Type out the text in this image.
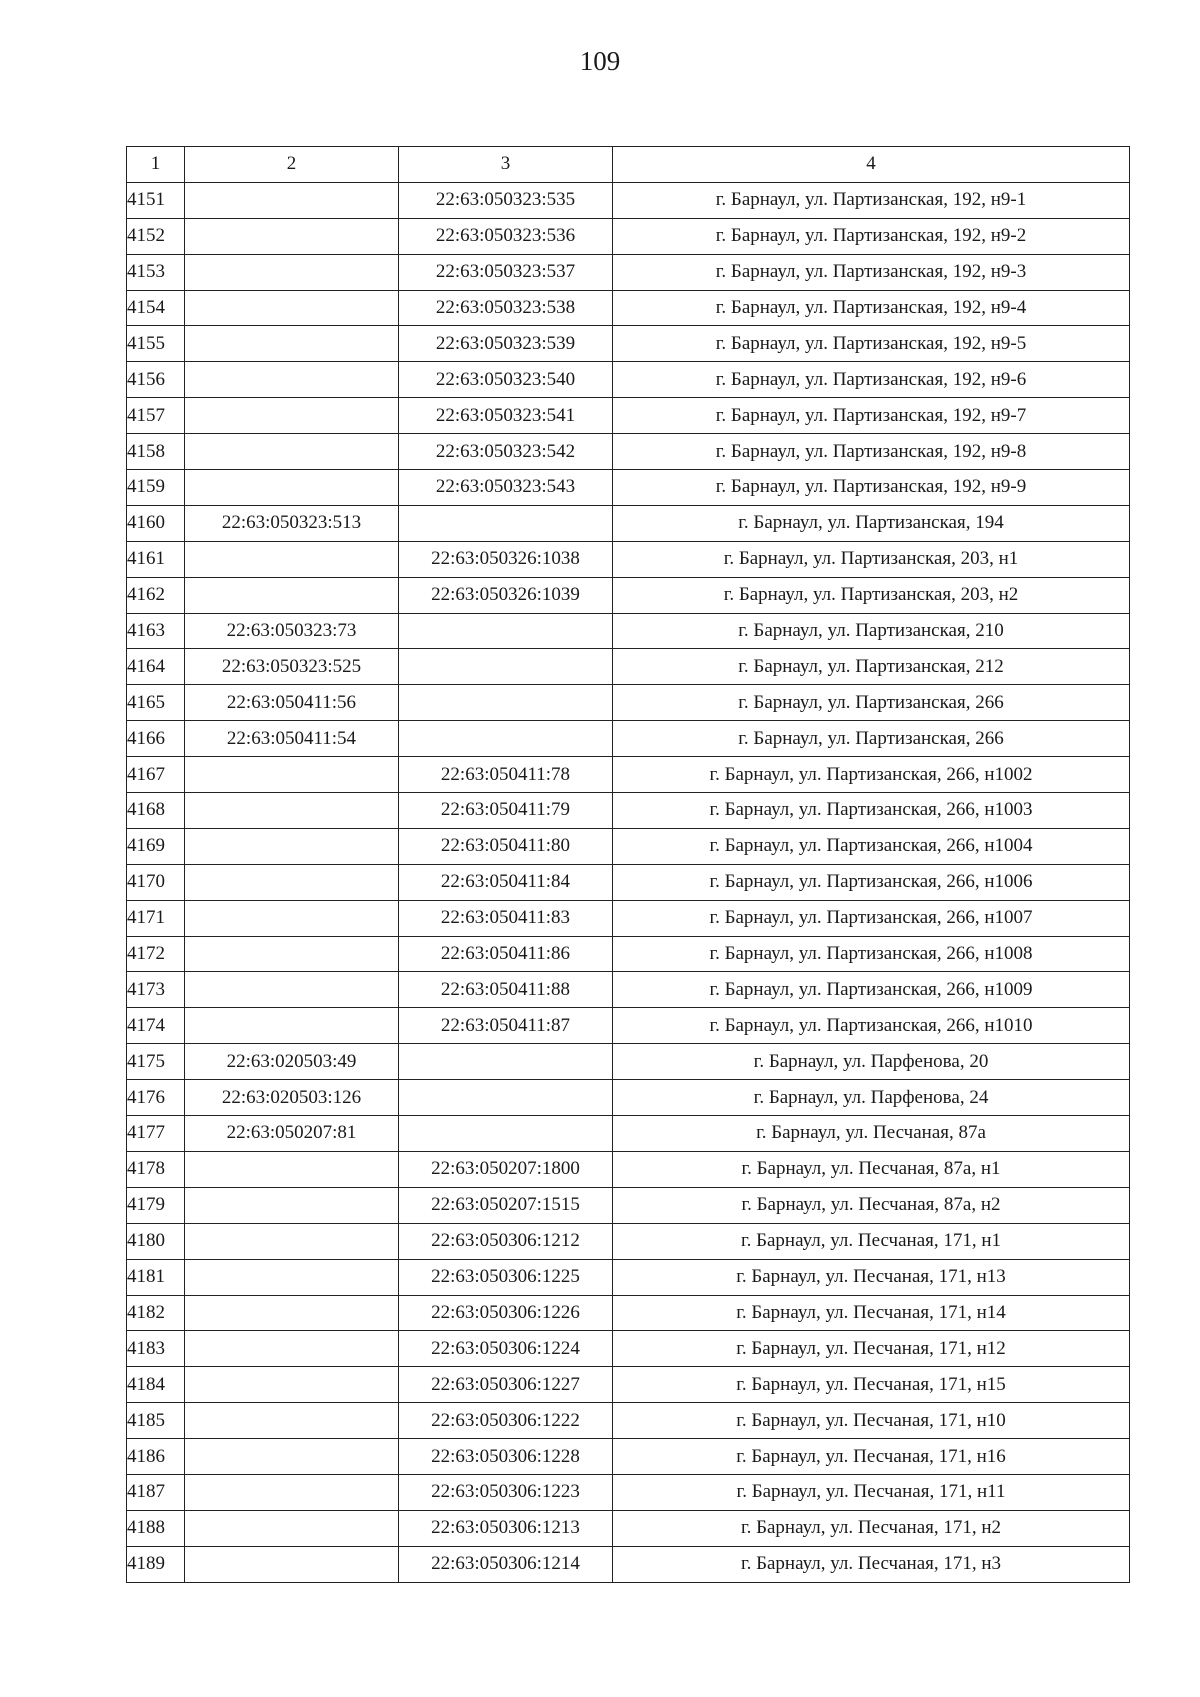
109
1	2	3	4
4151		22:63:050323:535	г. Барнаул, ул. Партизанская, 192, н9-1
4152		22:63:050323:536	г. Барнаул, ул. Партизанская, 192, н9-2
4153		22:63:050323:537	г. Барнаул, ул. Партизанская, 192, н9-3
4154		22:63:050323:538	г. Барнаул, ул. Партизанская, 192, н9-4
4155		22:63:050323:539	г. Барнаул, ул. Партизанская, 192, н9-5
4156		22:63:050323:540	г. Барнаул, ул. Партизанская, 192, н9-6
4157		22:63:050323:541	г. Барнаул, ул. Партизанская, 192, н9-7
4158		22:63:050323:542	г. Барнаул, ул. Партизанская, 192, н9-8
4159		22:63:050323:543	г. Барнаул, ул. Партизанская, 192, н9-9
4160	22:63:050323:513		г. Барнаул, ул. Партизанская, 194
4161		22:63:050326:1038	г. Барнаул, ул. Партизанская, 203, н1
4162		22:63:050326:1039	г. Барнаул, ул. Партизанская, 203, н2
4163	22:63:050323:73		г. Барнаул, ул. Партизанская, 210
4164	22:63:050323:525		г. Барнаул, ул. Партизанская, 212
4165	22:63:050411:56		г. Барнаул, ул. Партизанская, 266
4166	22:63:050411:54		г. Барнаул, ул. Партизанская, 266
4167		22:63:050411:78	г. Барнаул, ул. Партизанская, 266, н1002
4168		22:63:050411:79	г. Барнаул, ул. Партизанская, 266, н1003
4169		22:63:050411:80	г. Барнаул, ул. Партизанская, 266, н1004
4170		22:63:050411:84	г. Барнаул, ул. Партизанская, 266, н1006
4171		22:63:050411:83	г. Барнаул, ул. Партизанская, 266, н1007
4172		22:63:050411:86	г. Барнаул, ул. Партизанская, 266, н1008
4173		22:63:050411:88	г. Барнаул, ул. Партизанская, 266, н1009
4174		22:63:050411:87	г. Барнаул, ул. Партизанская, 266, н1010
4175	22:63:020503:49		г. Барнаул, ул. Парфенова, 20
4176	22:63:020503:126		г. Барнаул, ул. Парфенова, 24
4177	22:63:050207:81		г. Барнаул, ул. Песчаная, 87а
4178		22:63:050207:1800	г. Барнаул, ул. Песчаная, 87а, н1
4179		22:63:050207:1515	г. Барнаул, ул. Песчаная, 87а, н2
4180		22:63:050306:1212	г. Барнаул, ул. Песчаная, 171, н1
4181		22:63:050306:1225	г. Барнаул, ул. Песчаная, 171, н13
4182		22:63:050306:1226	г. Барнаул, ул. Песчаная, 171, н14
4183		22:63:050306:1224	г. Барнаул, ул. Песчаная, 171, н12
4184		22:63:050306:1227	г. Барнаул, ул. Песчаная, 171, н15
4185		22:63:050306:1222	г. Барнаул, ул. Песчаная, 171, н10
4186		22:63:050306:1228	г. Барнаул, ул. Песчаная, 171, н16
4187		22:63:050306:1223	г. Барнаул, ул. Песчаная, 171, н11
4188		22:63:050306:1213	г. Барнаул, ул. Песчаная, 171, н2
4189		22:63:050306:1214	г. Барнаул, ул. Песчаная, 171, н3
